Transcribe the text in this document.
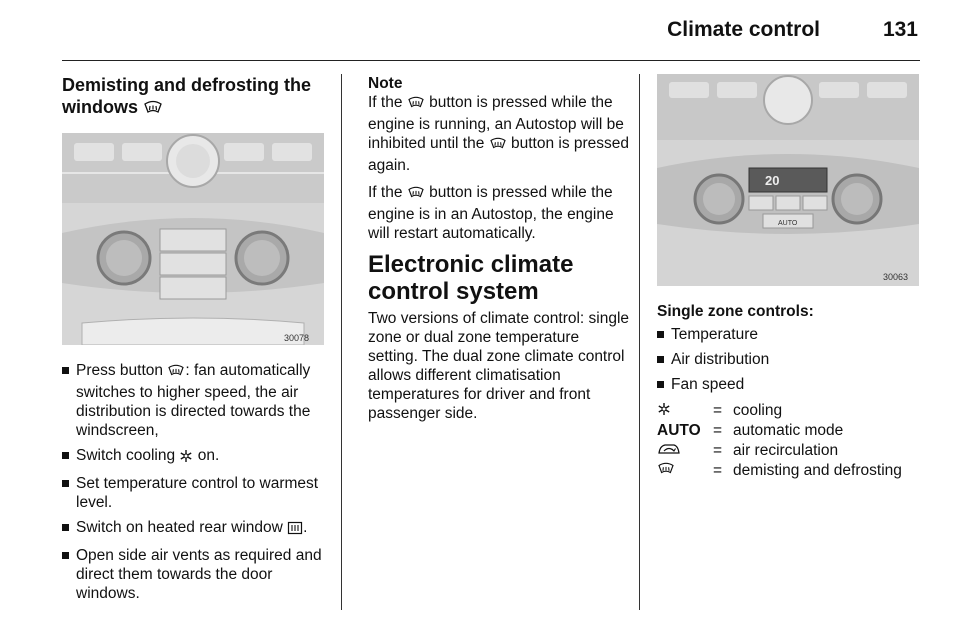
Climate control	131
Demisting and defrosting the windows
30078
Press button : fan automatically switches to higher speed, the air distribution is directed towards the windscreen,
Switch cooling on.
Set temperature control to warmest level.
Switch on heated rear window .
Open side air vents as required and direct them towards the door windows.
Note

If the button is pressed while the engine is running, an Autostop will be inhibited until the button is pressed again.

If the button is pressed while the engine is in an Autostop, the engine will restart automatically.

Electronic climate control system

Two versions of climate control: single zone or dual zone temperature setting. The dual zone climate control allows different climatisation temperatures for driver and front passenger side.

20
AUTO
30063
Single zone controls:
Temperature
Air distribution
Fan speed
= cooling
AUTO = automatic mode
= air recirculation
= demisting and defrosting
